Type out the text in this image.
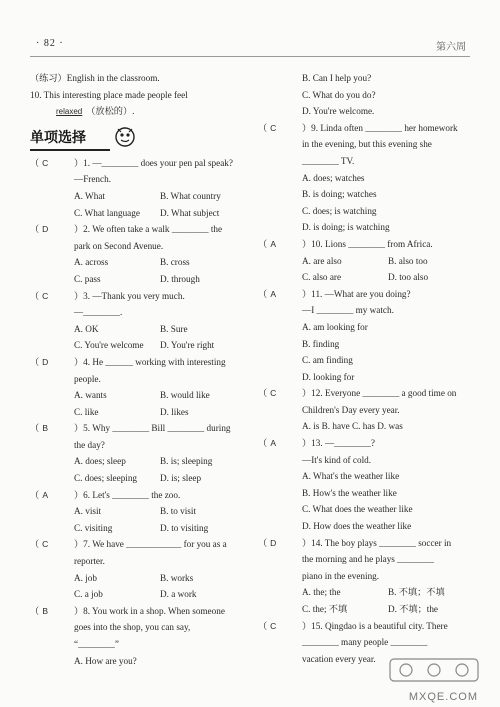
· 82 ·	第六周
（练习）English in the classroom.
10. This interesting place made people feel
relaxed （放松的）.
单项选择
（ C	）1. —________ does your pen pal speak?
—French.
A. What	B. What country
C. What language	D. What subject
（ D	）2. We often take a walk ________ the
park on Second Avenue.
A. across	B. cross
C. pass	D. through
（ C	）3. —Thank you very much.
—________.
A. OK	B. Sure
C. You're welcome	D. You're right
（ D	）4. He ______ working with interesting
people.
A. wants	B. would like
C. like	D. likes
（ B	）5. Why ________ Bill ________ during
the day?
A. does; sleep	B. is; sleeping
C. does; sleeping	D. is; sleep
（ A	）6. Let's ________ the zoo.
A. visit	B. to visit
C. visiting	D. to visiting
（ C	）7. We have ____________ for you as a
reporter.
A. job	B. works
C. a job	D. a work
（ B	）8. You work in a shop. When someone
goes into the shop, you can say,
“________”
A. How are you?
B. Can I help you?
C. What do you do?
D. You're welcome.
（ C	）9. Linda often ________ her homework
in the evening, but this evening she
________ TV.
A. does; watches
B. is doing; watches
C. does; is watching
D. is doing; is watching
（ A	）10. Lions ________ from Africa.
A. are also	B. also too
C. also are	D. too also
（ A	）11. —What are you doing?
—I ________ my watch.
A. am looking for
B. finding
C. am finding
D. looking for
（ C	）12. Everyone ________ a good time on
Children's Day every year.
A. is B. have C. has D. was
（ A	）13. —________?
—It's kind of cold.
A. What's the weather like
B. How's the weather like
C. What does the weather like
D. How does the weather like
（ D	）14. The boy plays ________ soccer in
the morning and he plays ________
piano in the evening.
A. the; the	B. 不填；不填
C. the; 不填	D. 不填；the
（ C	）15. Qingdao is a beautiful city. There
________ many people ________
vacation every year.
MXQE.COM
